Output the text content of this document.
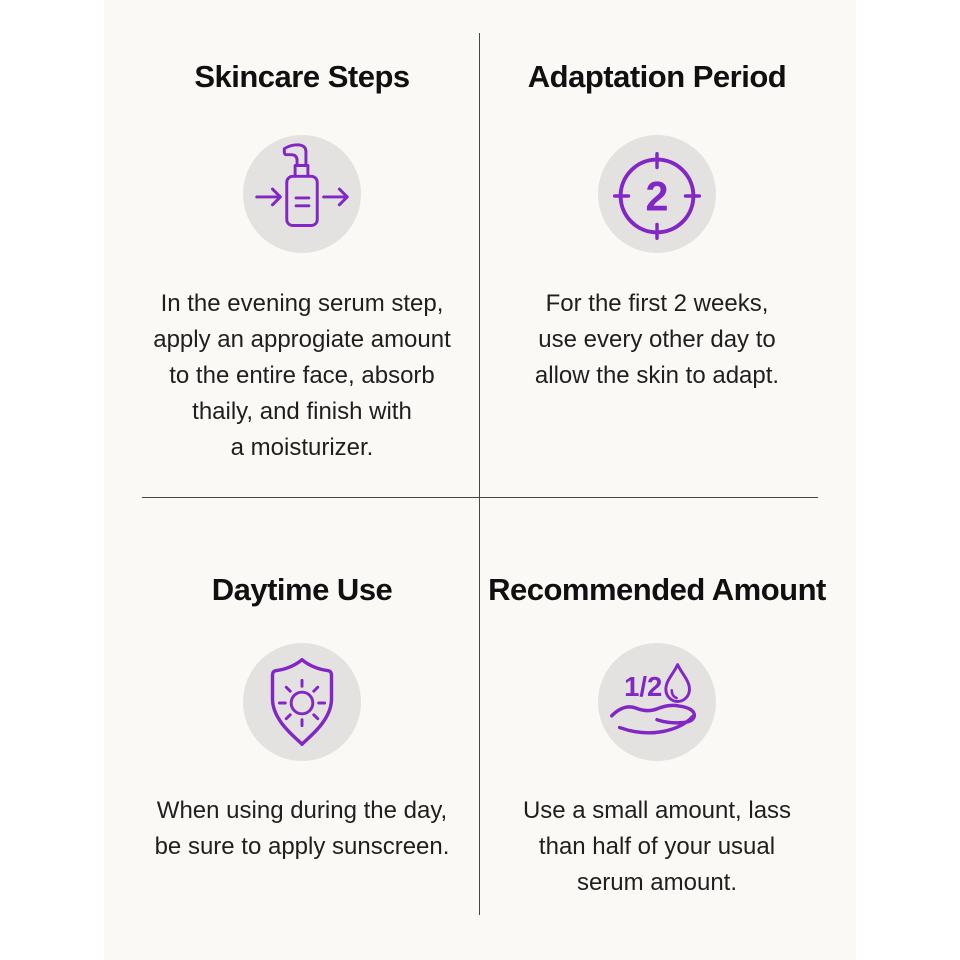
Skincare Steps
In the evening serum step,
apply an approgiate amount
to the entire face, absorb
thaily, and finish with
a moisturizer.
Adaptation Period
2
For the first 2 weeks,
use every other day to
allow the skin to adapt.
Daytime Use
When using during the day,
be sure to apply sunscreen.
Recommended Amount
1/2
Use a small amount, lass
than half of your usual
serum amount.
